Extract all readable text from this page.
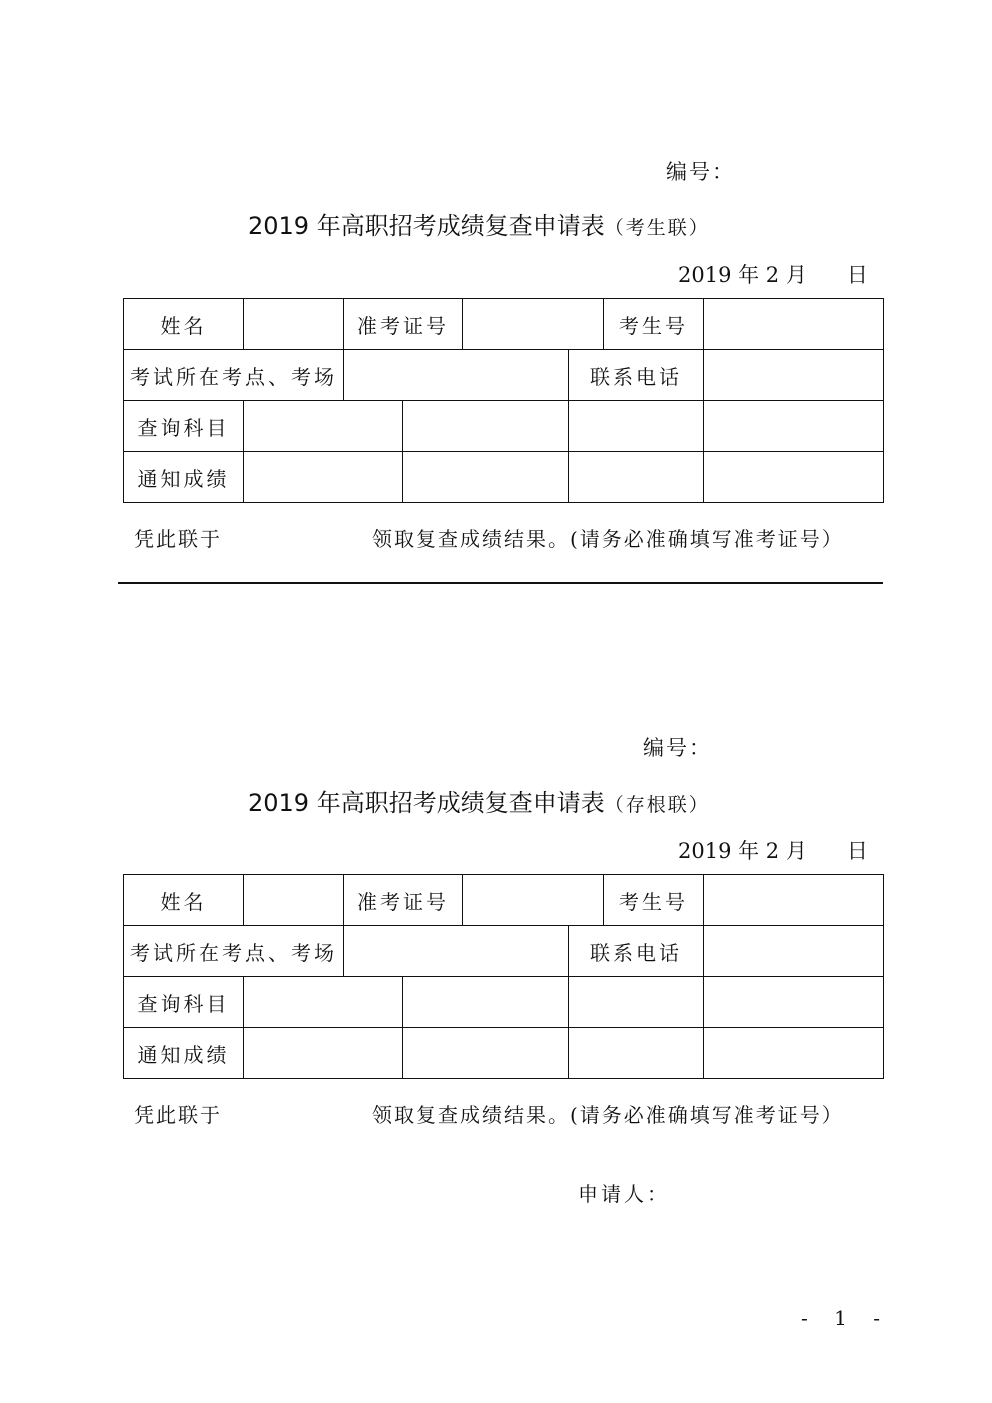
编号：
2019 年高职招考成绩复查申请表（考生联）
2019 年 2 月 日
姓名		准考证号				考生号	
考试所在考点、考场					联系电话		
查询科目							
通知成绩							
凭此联于	领取复查成绩结果。(请务必准确填写准考证号）
编号：
2019 年高职招考成绩复查申请表（存根联）
2019 年 2 月 日
姓名		准考证号				考生号	
考试所在考点、考场					联系电话		
查询科目							
通知成绩							
凭此联于	领取复查成绩结果。(请务必准确填写准考证号）
申请人：
- 1 -
